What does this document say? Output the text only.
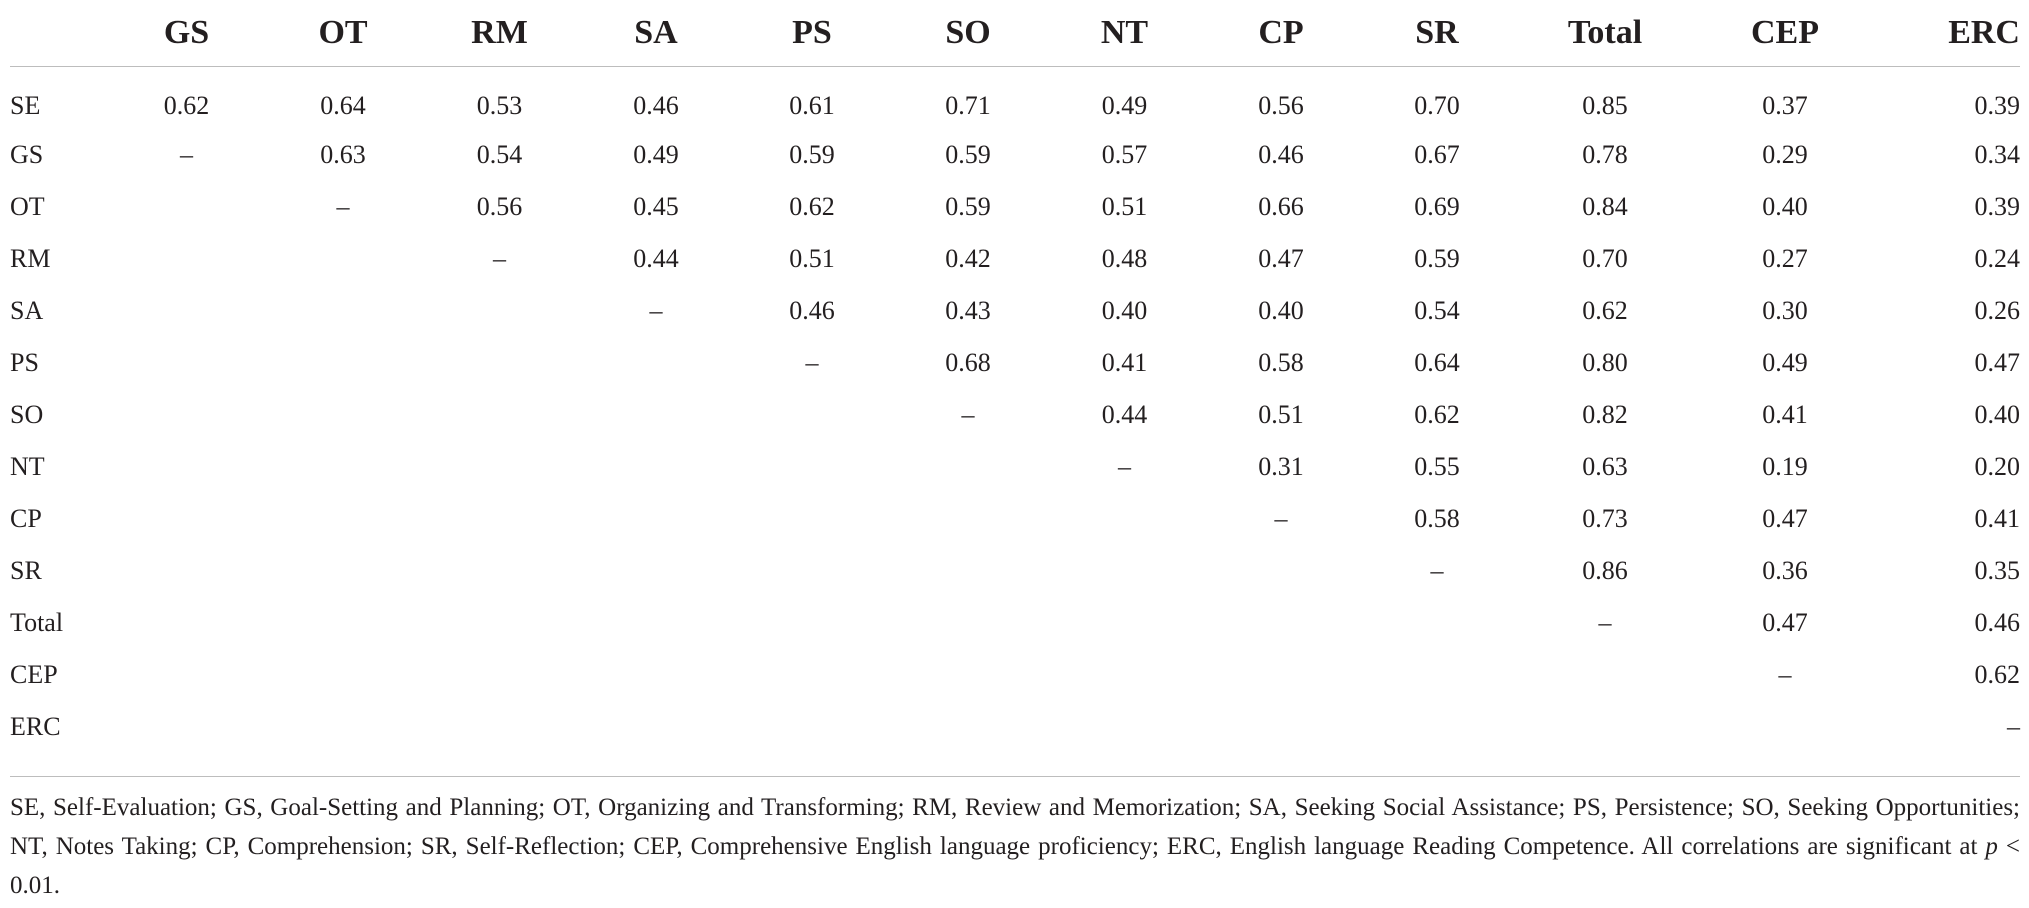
	GS	OT	RM	SA	PS	SO	NT	CP	SR	Total	CEP	ERC
SE	0.62	0.64	0.53	0.46	0.61	0.71	0.49	0.56	0.70	0.85	0.37	0.39
GS	–	0.63	0.54	0.49	0.59	0.59	0.57	0.46	0.67	0.78	0.29	0.34
OT		–	0.56	0.45	0.62	0.59	0.51	0.66	0.69	0.84	0.40	0.39
RM			–	0.44	0.51	0.42	0.48	0.47	0.59	0.70	0.27	0.24
SA				–	0.46	0.43	0.40	0.40	0.54	0.62	0.30	0.26
PS					–	0.68	0.41	0.58	0.64	0.80	0.49	0.47
SO						–	0.44	0.51	0.62	0.82	0.41	0.40
NT							–	0.31	0.55	0.63	0.19	0.20
CP								–	0.58	0.73	0.47	0.41
SR									–	0.86	0.36	0.35
Total										–	0.47	0.46
CEP											–	0.62
ERC												–

SE, Self-Evaluation; GS, Goal-Setting and Planning; OT, Organizing and Transforming; RM, Review and Memorization; SA, Seeking Social Assistance; PS, Persistence; SO, Seeking Opportunities; NT, Notes Taking; CP, Comprehension; SR, Self-Reflection; CEP, Comprehensive English language proficiency; ERC, English language Reading Competence. All correlations are significant at p < 0.01.
